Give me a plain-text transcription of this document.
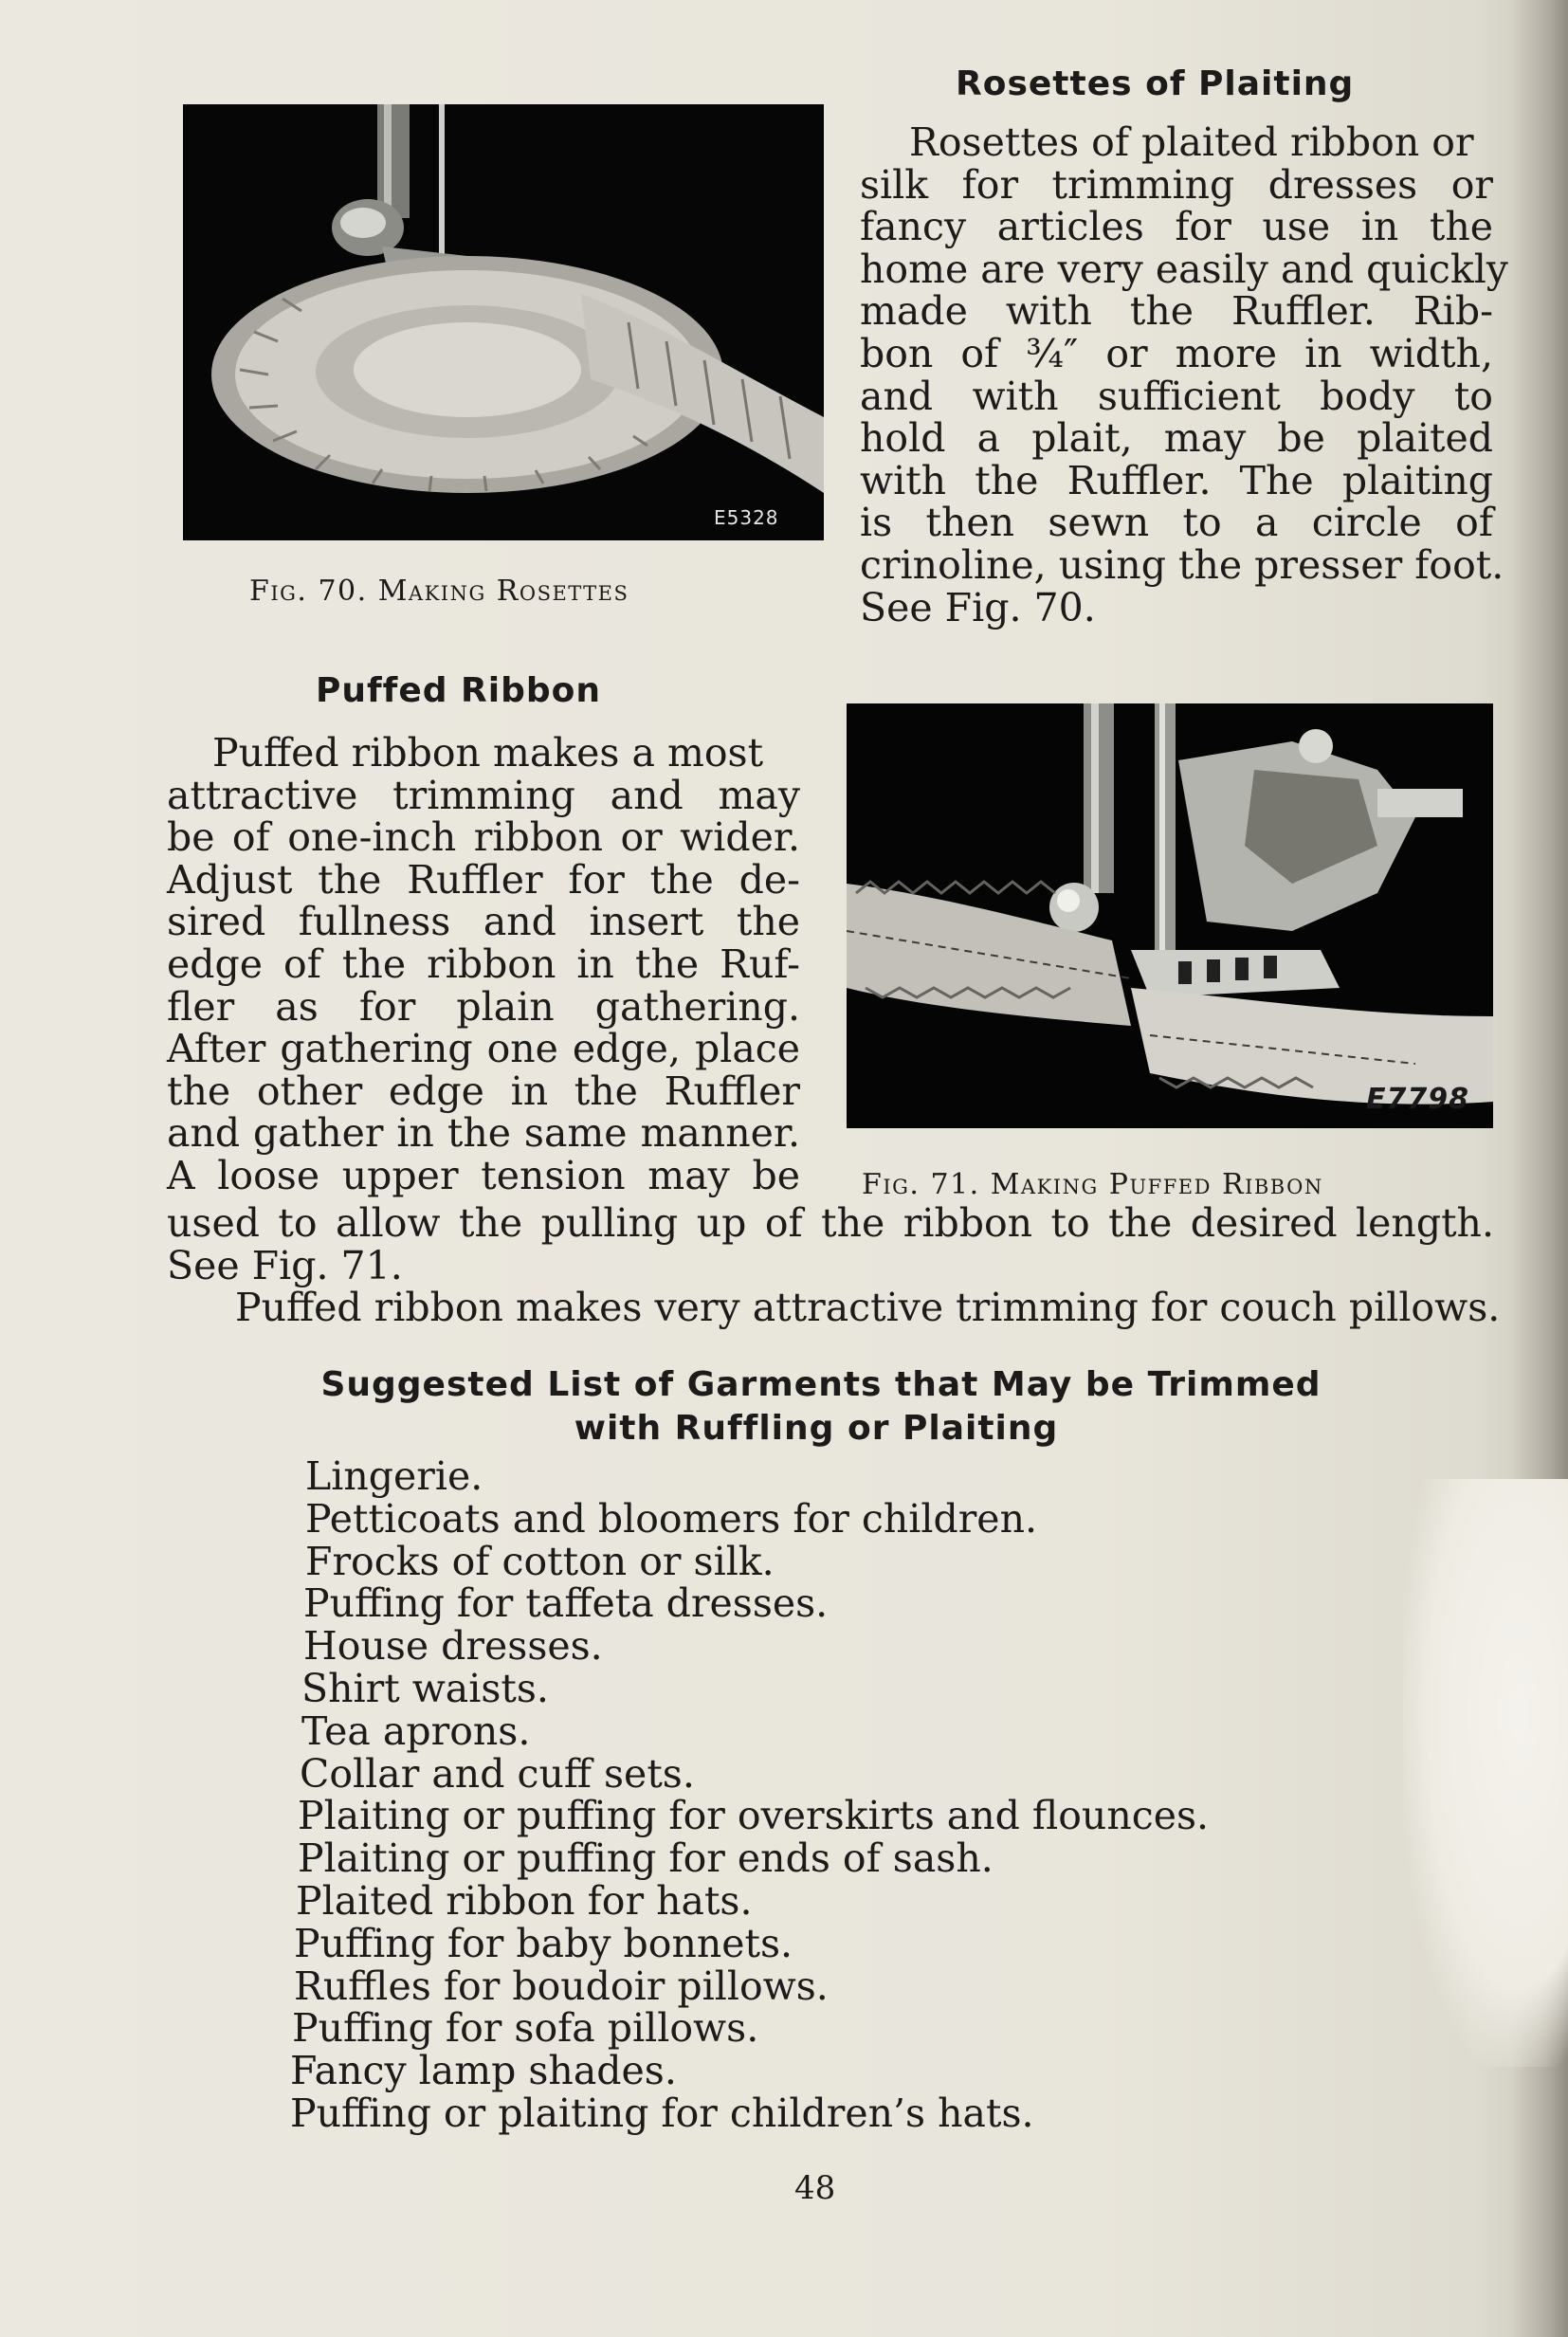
E5328

Fig. 70. Making Rosettes

Rosettes of Plaiting
Rosettes of plaited ribbon or
silk for trimming dresses or
fancy articles for use in the
home are very easily and quickly
made with the Ruffler. Rib-
bon of ¾″ or more in width,
and with sufficient body to
hold a plait, may be plaited
with the Ruffler. The plaiting
is then sewn to a circle of
crinoline, using the presser foot.
See Fig. 70.
Puffed Ribbon
Puffed ribbon makes a most
attractive trimming and may
be of one-inch ribbon or wider.
Adjust the Ruffler for the de-
sired fullness and insert the
edge of the ribbon in the Ruf-
fler as for plain gathering.
After gathering one edge, place
the other edge in the Ruffler
and gather in the same manner.
A loose upper tension may be
used to allow the pulling up of the ribbon to the desired length.
See Fig. 71.
Puffed ribbon makes very attractive trimming for couch pillows.
E7798

Fig. 71. Making Puffed Ribbon

Suggested List of Garments that May be Trimmed
with Ruffling or Plaiting
Lingerie.
Petticoats and bloomers for children.
Frocks of cotton or silk.
Puffing for taffeta dresses.
House dresses.
Shirt waists.
Tea aprons.
Collar and cuff sets.
Plaiting or puffing for overskirts and flounces.
Plaiting or puffing for ends of sash.
Plaited ribbon for hats.
Puffing for baby bonnets.
Ruffles for boudoir pillows.
Puffing for sofa pillows.
Fancy lamp shades.
Puffing or plaiting for children’s hats.
48
